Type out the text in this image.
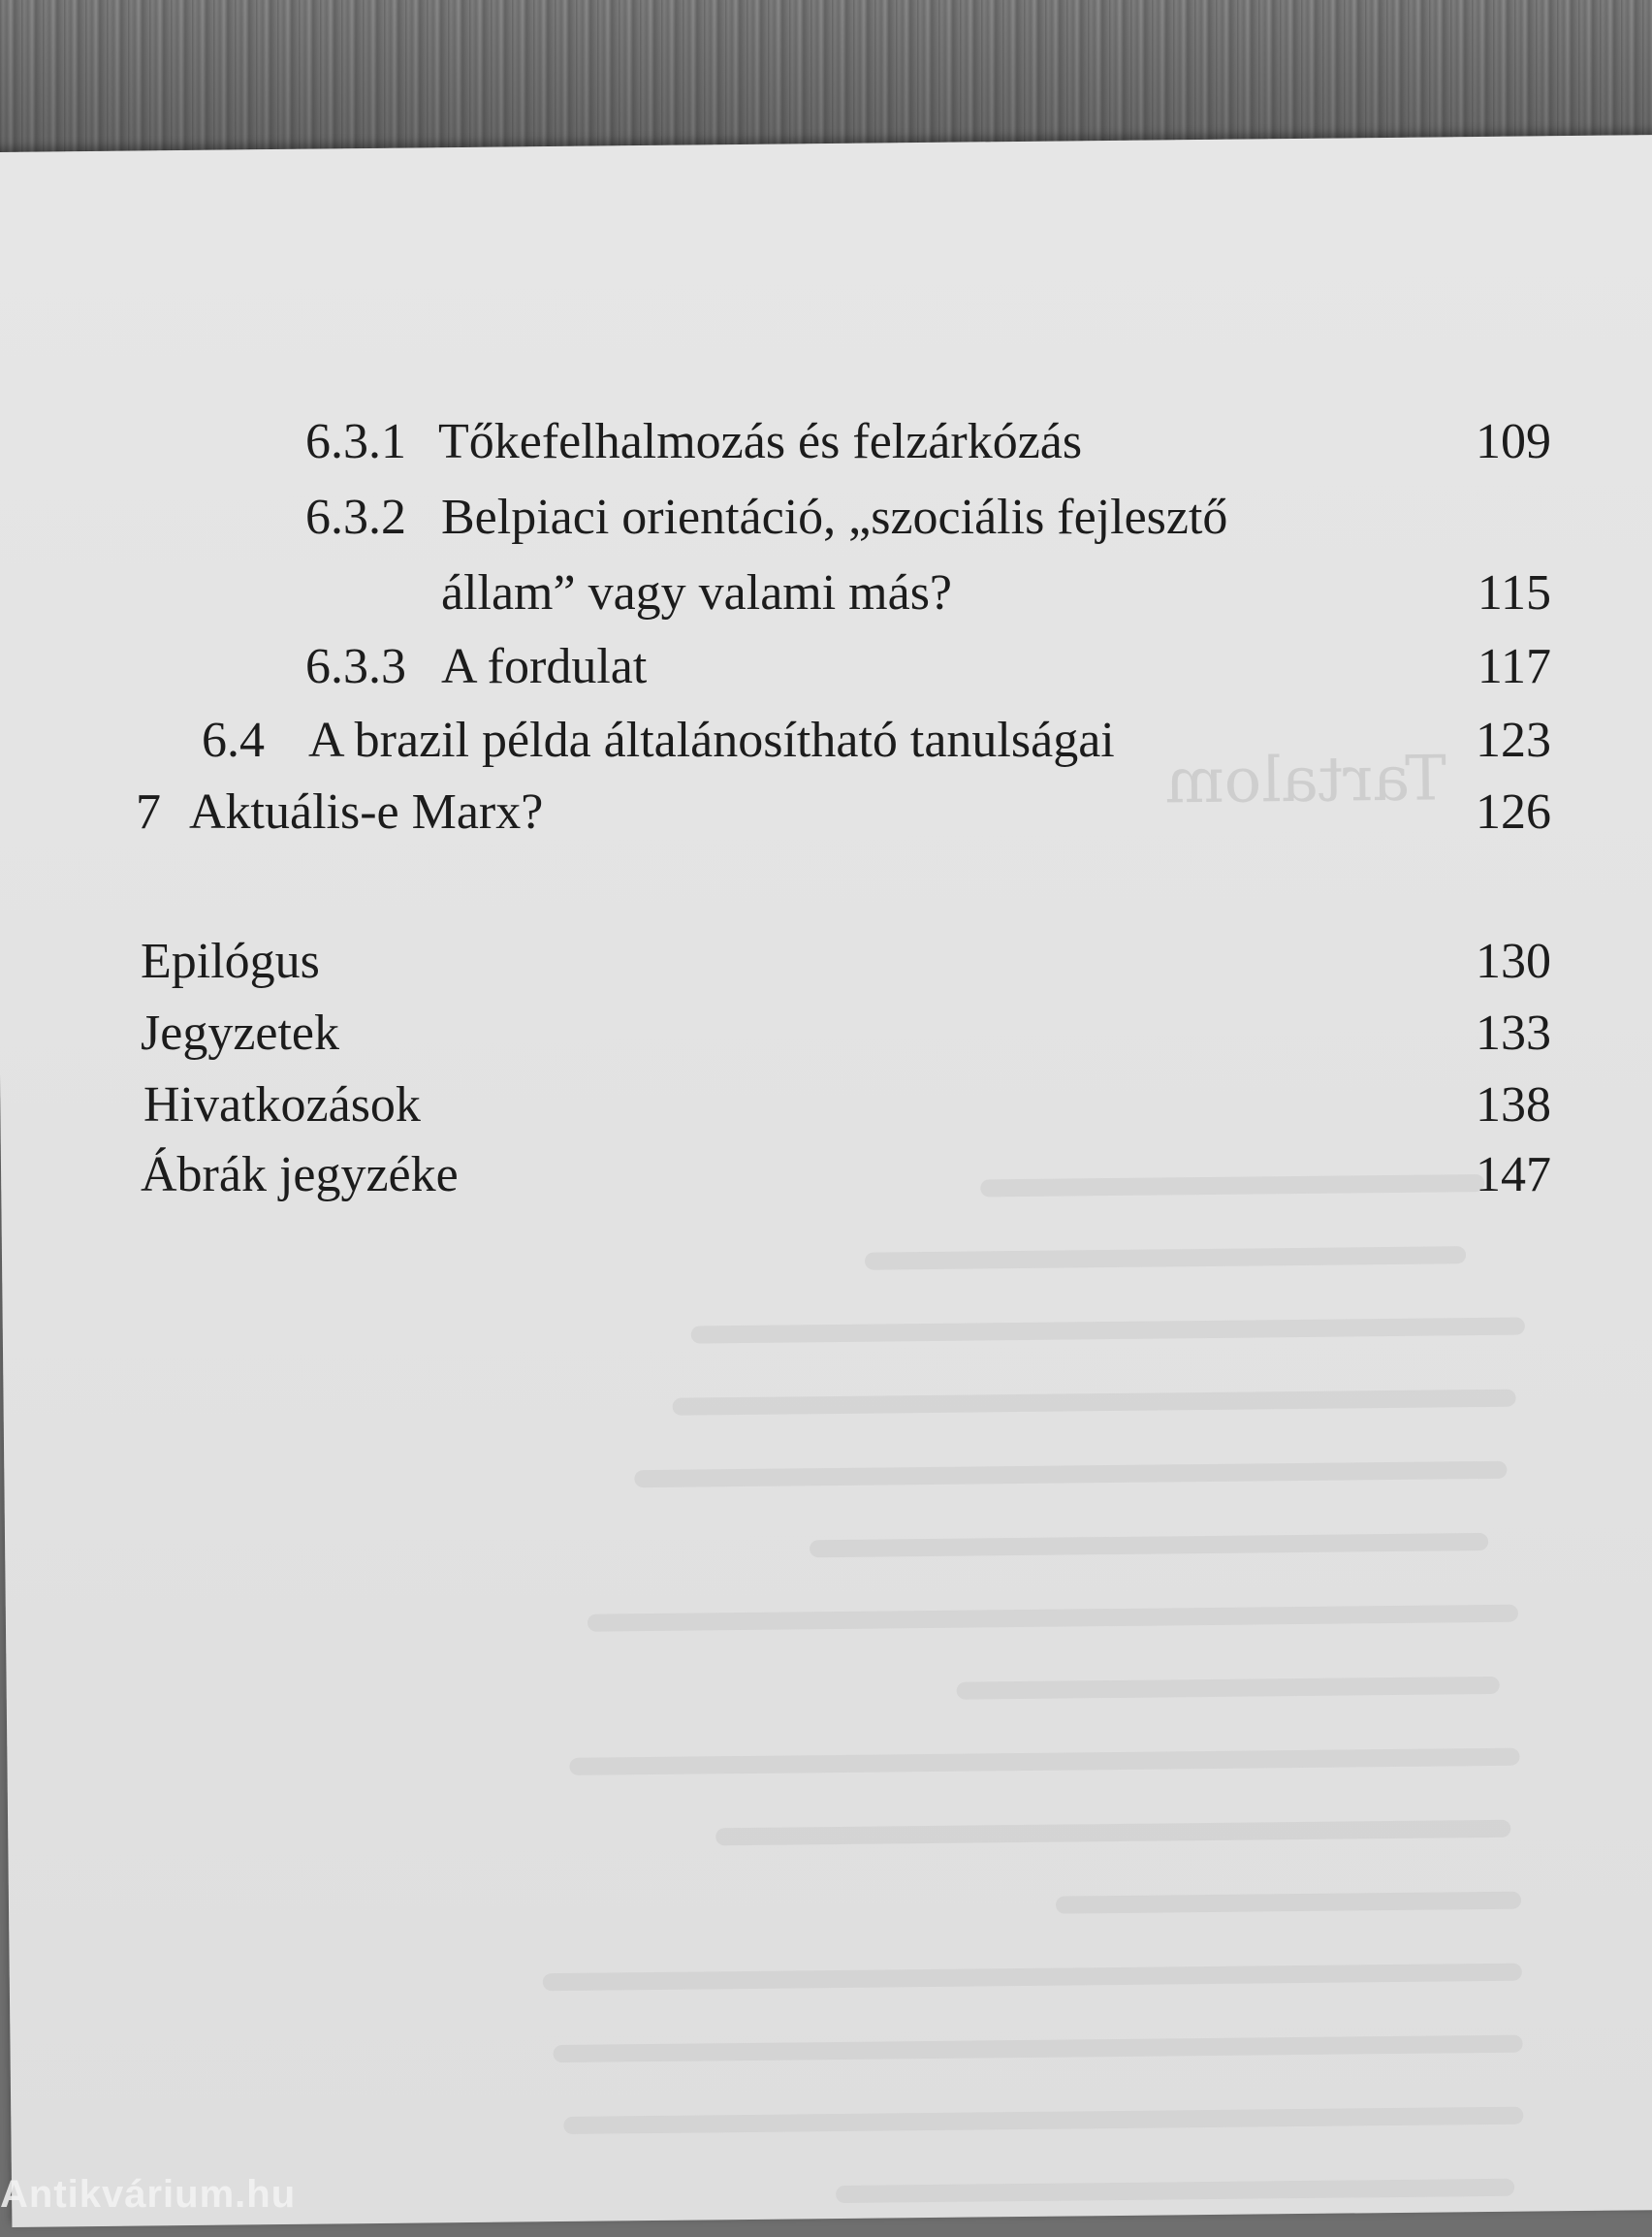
Tartalom
6.3.1 Tőkefelhalmozás és felzárkózás	109
6.3.2 Belpiaci orientáció, „szociális fejlesztő
állam” vagy valami más?	115
6.3.3 A fordulat	117
6.4 A brazil példa általánosítható tanulságai	123
7 Aktuális-e Marx?	126
Epilógus	130
Jegyzetek	133
Hivatkozások	138
Ábrák jegyzéke	147
Antikvárium.hu
